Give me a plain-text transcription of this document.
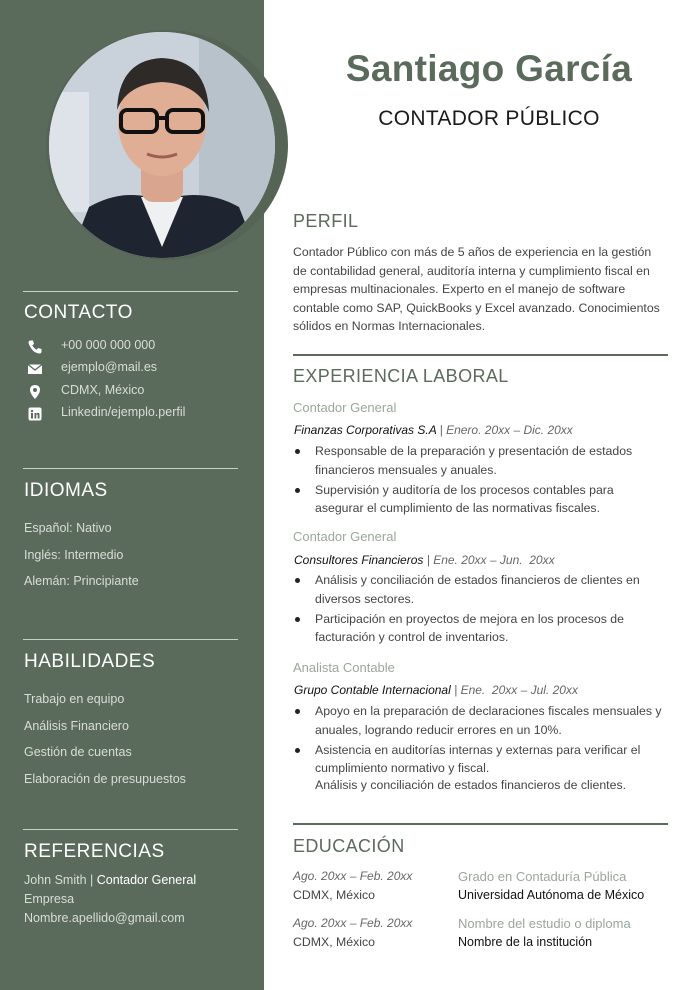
CONTACTO
+00 000 000 000
ejemplo@mail.es
CDMX, México
Linkedin/ejemplo.perfil
IDIOMAS
Español: Nativo
Inglés: Intermedio
Alemán: Principiante
HABILIDADES
Trabajo en equipo
Análisis Financiero
Gestión de cuentas
Elaboración de presupuestos
REFERENCIAS
John Smith | Contador General
Empresa
Nombre.apellido@gmail.com
Santiago García
CONTADOR PÚBLICO
PERFIL
Contador Público con más de 5 años de experiencia en la gestión de contabilidad general, auditoría interna y cumplimiento fiscal en empresas multinacionales. Experto en el manejo de software contable como SAP, QuickBooks y Excel avanzado. Conocimientos sólidos en Normas Internacionales.
EXPERIENCIA LABORAL
Contador General
Finanzas Corporativas S.A | Enero. 20xx – Dic. 20xx
Responsable de la preparación y presentación de estados financieros mensuales y anuales.
Supervisión y auditoría de los procesos contables para asegurar el cumplimiento de las normativas fiscales.
Contador General
Consultores Financieros | Ene. 20xx – Jun.  20xx
Análisis y conciliación de estados financieros de clientes en diversos sectores.
Participación en proyectos de mejora en los procesos de facturación y control de inventarios.
Analista Contable
Grupo Contable Internacional | Ene.  20xx – Jul. 20xx
Apoyo en la preparación de declaraciones fiscales mensuales y anuales, logrando reducir errores en un 10%.
Asistencia en auditorías internas y externas para verificar el cumplimiento normativo y fiscal.
Análisis y conciliación de estados financieros de clientes.
EDUCACIÓN
Ago. 20xx – Feb. 20xx
CDMX, México
Grado en Contaduría Pública
Universidad Autónoma de México
Ago. 20xx – Feb. 20xx
CDMX, México
Nombre del estudio o diploma
Nombre de la institución
